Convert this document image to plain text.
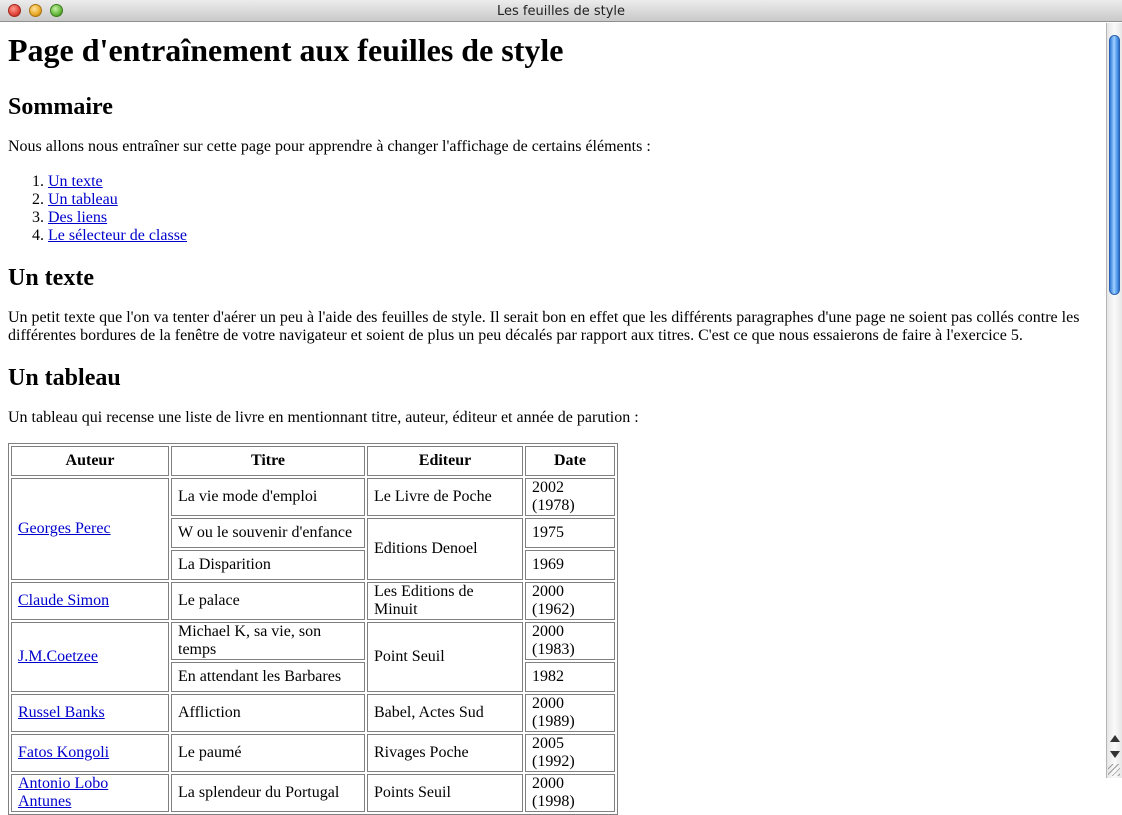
Les feuilles de style
Page d'entraînement aux feuilles de style
Sommaire

Nous allons nous entraîner sur cette page pour apprendre à changer l'affichage de certains éléments :

1. Un texte
2. Un tableau
3. Des liens
4. Le sélecteur de classe
Un texte

Un petit texte que l'on va tenter d'aérer un peu à l'aide des feuilles de style. Il serait bon en effet que les différents paragraphes d'une page ne soient pas collés contre les différentes bordures de la fenêtre de votre navigateur et soient de plus un peu décalés par rapport aux titres. C'est ce que nous essaierons de faire à l'exercice 5.

Un tableau

Un tableau qui recense une liste de livre en mentionnant titre, auteur, éditeur et année de parution :

Auteur	Titre	Editeur	Date
Georges Perec	La vie mode d'emploi	Le Livre de Poche	2002 (1978)
	W ou le souvenir d'enfance	Editions Denoel	1975
	La Disparition		1969
Claude Simon	Le palace	Les Editions de Minuit	2000 (1962)
J.M.Coetzee	Michael K, sa vie, son temps	Point Seuil	2000 (1983)
	En attendant les Barbares		1982
Russel Banks	Affliction	Babel, Actes Sud	2000 (1989)
Fatos Kongoli	Le paumé	Rivages Poche	2005 (1992)
Antonio Lobo Antunes	La splendeur du Portugal	Points Seuil	2000 (1998)
